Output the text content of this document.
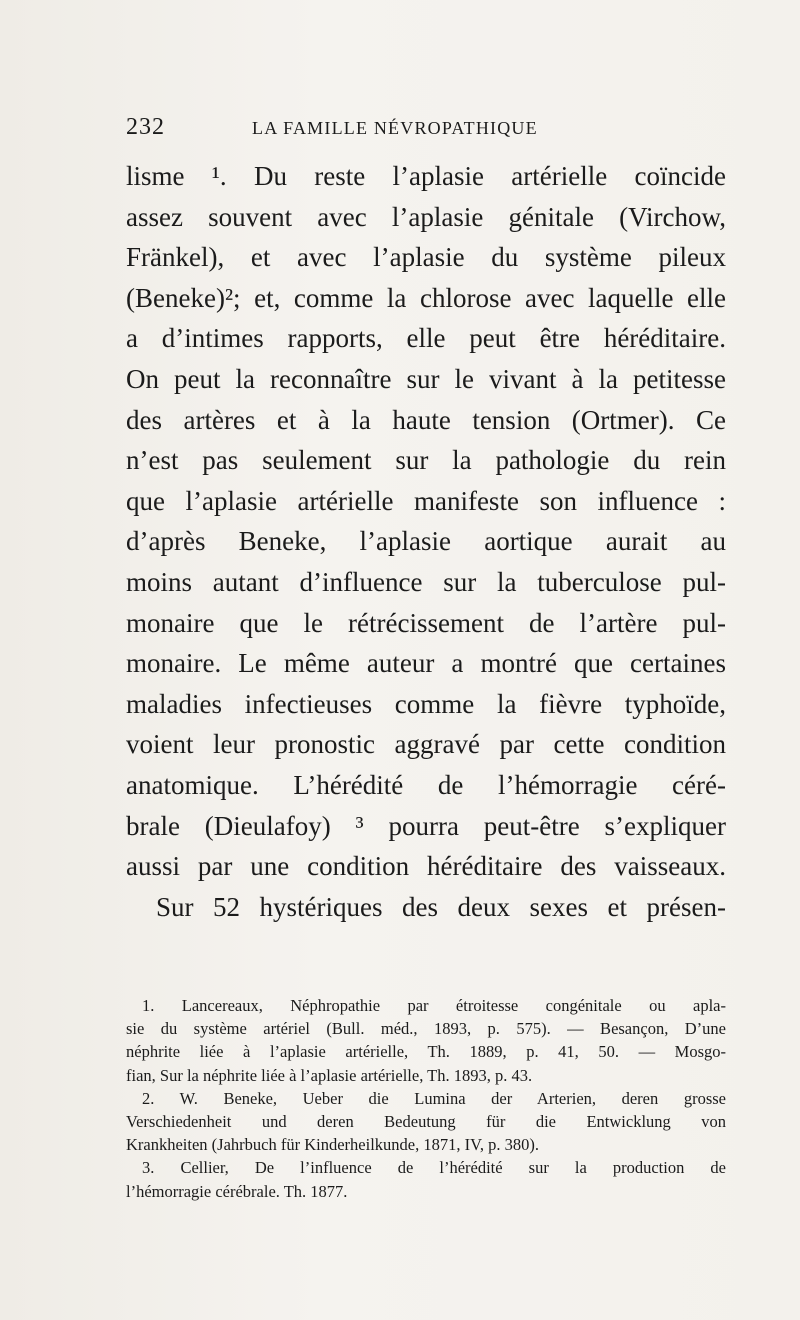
232	LA FAMILLE NÉVROPATHIQUE
lisme ¹. Du reste l’aplasie artérielle coïncide
assez souvent avec l’aplasie génitale (Virchow,
Fränkel), et avec l’aplasie du système pileux
(Beneke)²; et, comme la chlorose avec laquelle elle
a d’intimes rapports, elle peut être héréditaire.
On peut la reconnaître sur le vivant à la petitesse
des artères et à la haute tension (Ortmer). Ce
n’est pas seulement sur la pathologie du rein
que l’aplasie artérielle manifeste son influence :
d’après Beneke, l’aplasie aortique aurait au
moins autant d’influence sur la tuberculose pul-
monaire que le rétrécissement de l’artère pul-
monaire. Le même auteur a montré que certaines
maladies infectieuses comme la fièvre typhoïde,
voient leur pronostic aggravé par cette condition
anatomique. L’hérédité de l’hémorragie céré-
brale (Dieulafoy) ³ pourra peut-être s’expliquer
aussi par une condition héréditaire des vaisseaux.
Sur 52 hystériques des deux sexes et présen-
1. Lancereaux, Néphropathie par étroitesse congénitale ou apla-
sie du système artériel (Bull. méd., 1893, p. 575). — Besançon, D’une
néphrite liée à l’aplasie artérielle, Th. 1889, p. 41, 50. — Mosgo-
fian, Sur la néphrite liée à l’aplasie artérielle, Th. 1893, p. 43.
2. W. Beneke, Ueber die Lumina der Arterien, deren grosse
Verschiedenheit und deren Bedeutung für die Entwicklung von
Krankheiten (Jahrbuch für Kinderheilkunde, 1871, IV, p. 380).
3. Cellier, De l’influence de l’hérédité sur la production de
l’hémorragie cérébrale. Th. 1877.
